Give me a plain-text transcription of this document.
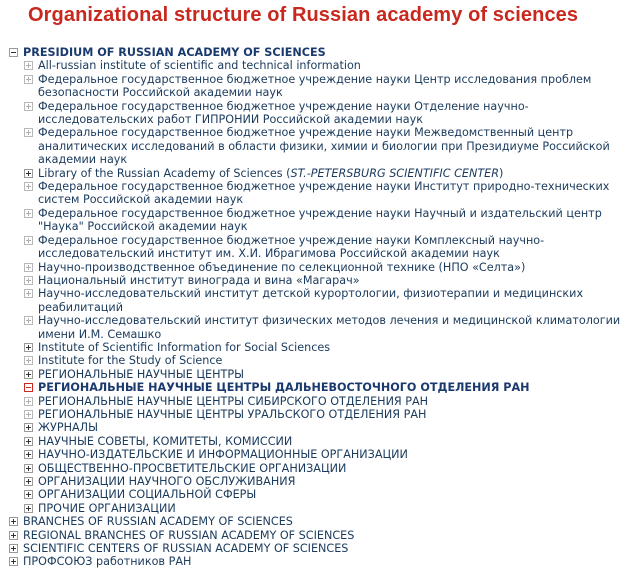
Organizational structure of Russian academy of sciences
PRESIDIUM OF RUSSIAN ACADEMY OF SCIENCES
All-russian institute of scientific and technical information
Федеральное государственное бюджетное учреждение науки Центр исследования проблем безопасности Российской академии наук
Федеральное государственное бюджетное учреждение науки Отделение научно-исследовательских работ ГИПРОНИИ Российской академии наук
Федеральное государственное бюджетное учреждение науки Межведомственный центр аналитических исследований в области физики, химии и биологии при Президиуме Российской академии наук
Library of the Russian Academy of Sciences (ST.-PETERSBURG SCIENTIFIC CENTER)
Федеральное государственное бюджетное учреждение науки Институт природно-технических систем Российской академии наук
Федеральное государственное бюджетное учреждение науки Научный и издательский центр "Наука" Российской академии наук
Федеральное государственное бюджетное учреждение науки Комплексный научно-исследовательский институт им. Х.И. Ибрагимова Российской академии наук
Научно-производственное объединение по селекционной технике (НПО «Селта»)
Национальный институт винограда и вина «Магарач»
Научно-исследовательский институт детской курортологии, физиотерапии и медицинских реабилитаций
Научно-исследовательский институт физических методов лечения и медицинской климатологии имени И.М. Семашко
Institute of Scientific Information for Social Sciences
Institute for the Study of Science
РЕГИОНАЛЬНЫЕ НАУЧНЫЕ ЦЕНТРЫ
РЕГИОНАЛЬНЫЕ НАУЧНЫЕ ЦЕНТРЫ ДАЛЬНЕВОСТОЧНОГО ОТДЕЛЕНИЯ РАН
РЕГИОНАЛЬНЫЕ НАУЧНЫЕ ЦЕНТРЫ СИБИРСКОГО ОТДЕЛЕНИЯ РАН
РЕГИОНАЛЬНЫЕ НАУЧНЫЕ ЦЕНТРЫ УРАЛЬСКОГО ОТДЕЛЕНИЯ РАН
ЖУРНАЛЫ
НАУЧНЫЕ СОВЕТЫ, КОМИТЕТЫ, КОМИССИИ
НАУЧНО-ИЗДАТЕЛЬСКИЕ И ИНФОРМАЦИОННЫЕ ОРГАНИЗАЦИИ
ОБЩЕСТВЕННО-ПРОСВЕТИТЕЛЬСКИЕ ОРГАНИЗАЦИИ
ОРГАНИЗАЦИИ НАУЧНОГО ОБСЛУЖИВАНИЯ
ОРГАНИЗАЦИИ СОЦИАЛЬНОЙ СФЕРЫ
ПРОЧИЕ ОРГАНИЗАЦИИ
BRANCHES OF RUSSIAN ACADEMY OF SCIENCES
REGIONAL BRANCHES OF RUSSIAN ACADEMY OF SCIENCES
SCIENTIFIC CENTERS OF RUSSIAN ACADEMY OF SCIENCES
ПРОФСОЮЗ работников РАН
